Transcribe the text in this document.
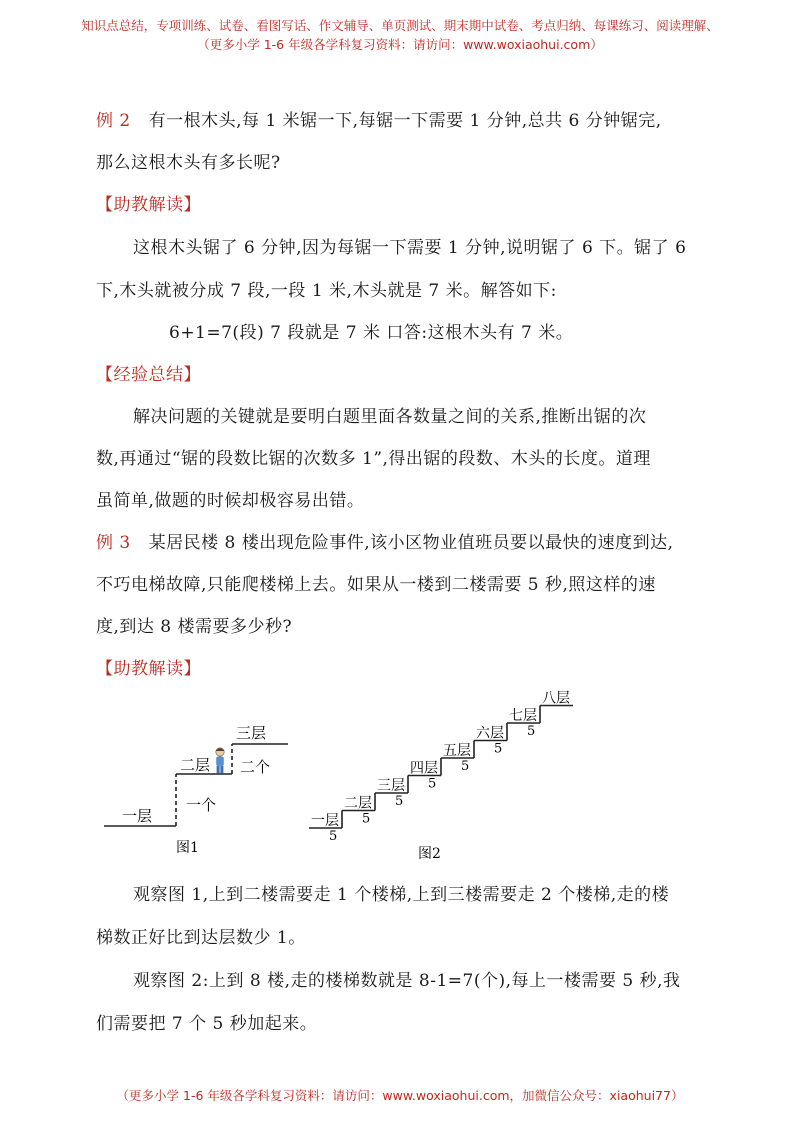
知识点总结，专项训练、试卷、看图写话、作文辅导、单页测试、期末期中试卷、考点归纳、每课练习、阅读理解、
（更多小学 1-6 年级各学科复习资料：请访问：www.woxiaohui.com）
例 2 有一根木头,每 1 米锯一下,每锯一下需要 1 分钟,总共 6 分钟锯完,
那么这根木头有多长呢?
【助教解读】
这根木头锯了 6 分钟,因为每锯一下需要 1 分钟,说明锯了 6 下。锯了 6
下,木头就被分成 7 段,一段 1 米,木头就是 7 米。解答如下:
6+1=7(段) 7 段就是 7 米 口答:这根木头有 7 米。
【经验总结】
解决问题的关键就是要明白题里面各数量之间的关系,推断出锯的次
数,再通过“锯的段数比锯的次数多 1”,得出锯的段数、木头的长度。道理
虽简单,做题的时候却极容易出错。
例 3 某居民楼 8 楼出现危险事件,该小区物业值班员要以最快的速度到达,
不巧电梯故障,只能爬楼梯上去。如果从一楼到二楼需要 5 秒,照这样的速
度,到达 8 楼需要多少秒?
【助教解读】
一层
二层
三层
一个
二个
图1
一层
5
二层
5
三层
5
四层
5
五层
5
六层
5
七层
5
八层
图2
观察图 1,上到二楼需要走 1 个楼梯,上到三楼需要走 2 个楼梯,走的楼
梯数正好比到达层数少 1。
观察图 2:上到 8 楼,走的楼梯数就是 8-1=7(个),每上一楼需要 5 秒,我
们需要把 7 个 5 秒加起来。
（更多小学 1-6 年级各学科复习资料：请访问：www.woxiaohui.com，加微信公众号：xiaohui77）
